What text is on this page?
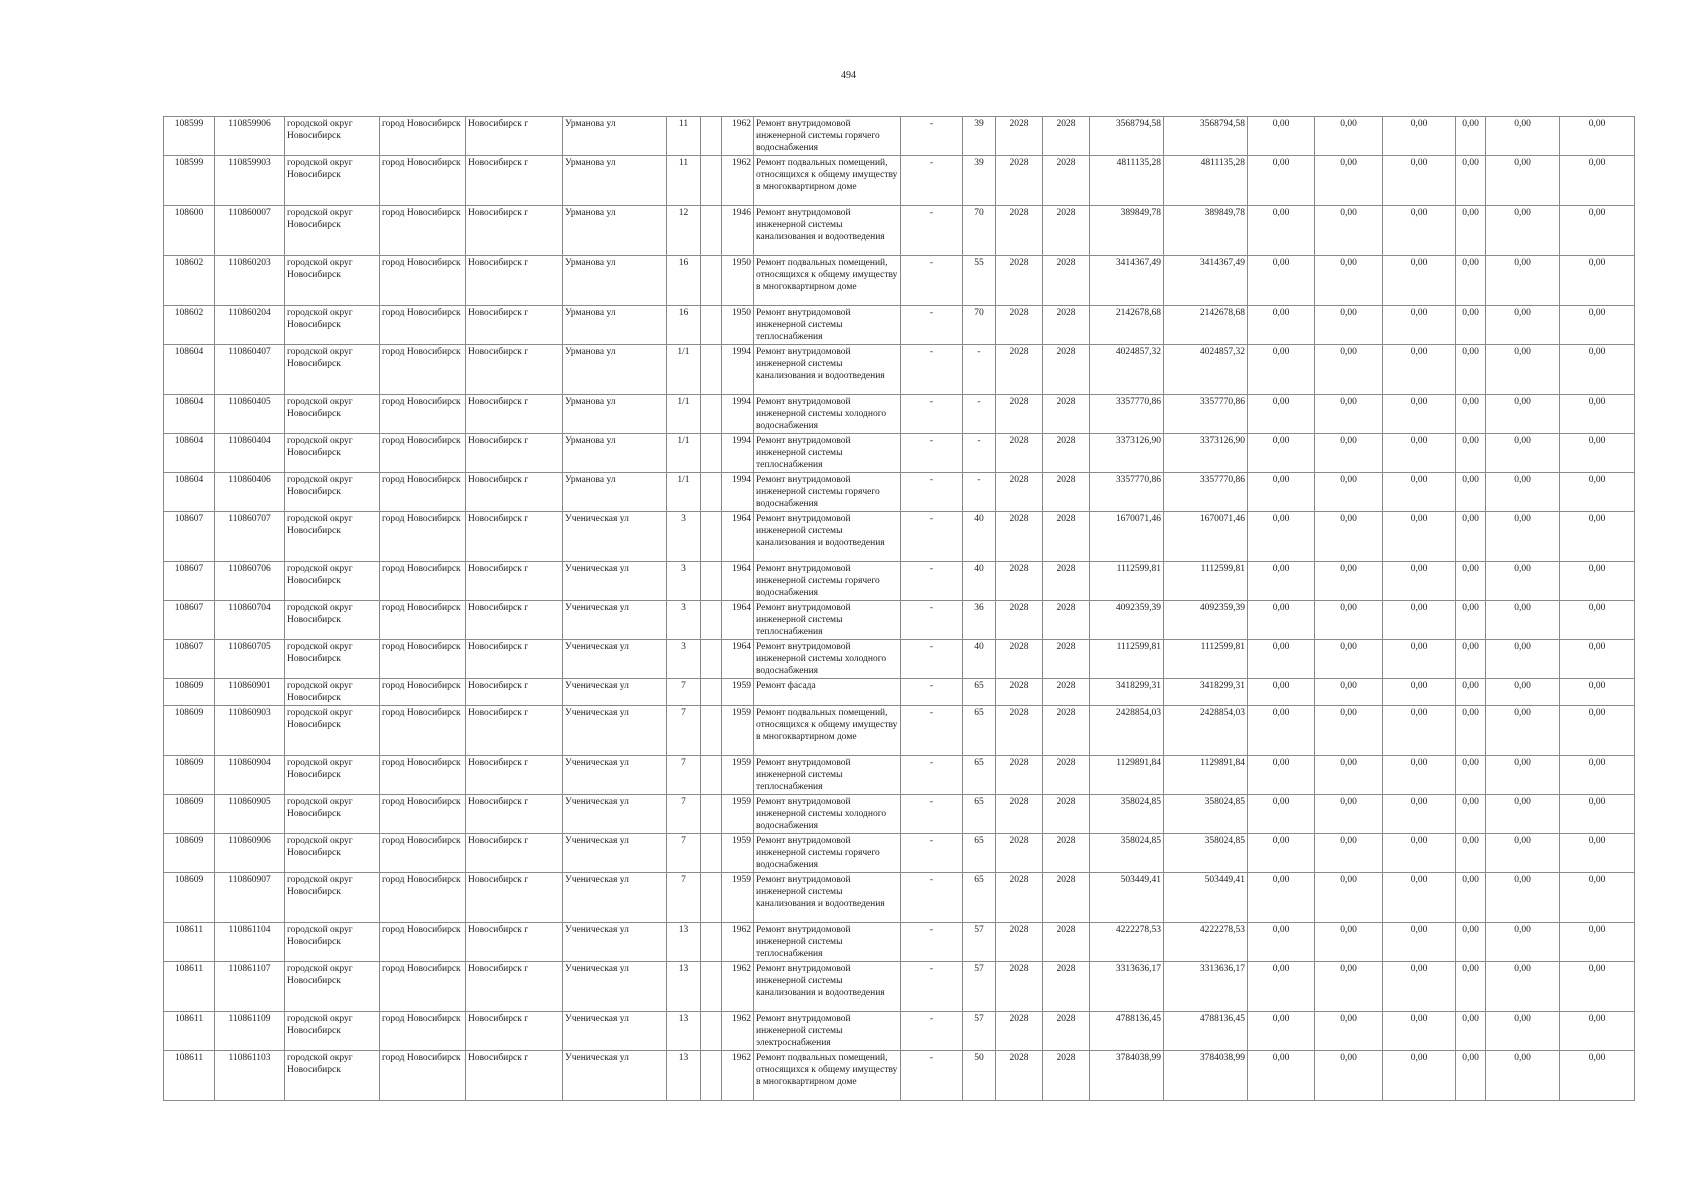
494
108599	110859906	городской округ Новосибирск	город Новосибирск	Новосибирск г	Урманова ул	11		1962	Ремонт внутридомовой инженерной системы горячего водоснабжения	-	39	2028	2028	3568794,58	3568794,58	0,00	0,00	0,00	0,00	0,00	0,00
108599	110859903	городской округ Новосибирск	город Новосибирск	Новосибирск г	Урманова ул	11		1962	Ремонт подвальных помещений, относящихся к общему имуществу в многоквартирном доме	-	39	2028	2028	4811135,28	4811135,28	0,00	0,00	0,00	0,00	0,00	0,00
108600	110860007	городской округ Новосибирск	город Новосибирск	Новосибирск г	Урманова ул	12		1946	Ремонт внутридомовой инженерной системы канализования и водоотведения	-	70	2028	2028	389849,78	389849,78	0,00	0,00	0,00	0,00	0,00	0,00
108602	110860203	городской округ Новосибирск	город Новосибирск	Новосибирск г	Урманова ул	16		1950	Ремонт подвальных помещений, относящихся к общему имуществу в многоквартирном доме	-	55	2028	2028	3414367,49	3414367,49	0,00	0,00	0,00	0,00	0,00	0,00
108602	110860204	городской округ Новосибирск	город Новосибирск	Новосибирск г	Урманова ул	16		1950	Ремонт внутридомовой инженерной системы теплоснабжения	-	70	2028	2028	2142678,68	2142678,68	0,00	0,00	0,00	0,00	0,00	0,00
108604	110860407	городской округ Новосибирск	город Новосибирск	Новосибирск г	Урманова ул	1/1		1994	Ремонт внутридомовой инженерной системы канализования и водоотведения	-	-	2028	2028	4024857,32	4024857,32	0,00	0,00	0,00	0,00	0,00	0,00
108604	110860405	городской округ Новосибирск	город Новосибирск	Новосибирск г	Урманова ул	1/1		1994	Ремонт внутридомовой инженерной системы холодного водоснабжения	-	-	2028	2028	3357770,86	3357770,86	0,00	0,00	0,00	0,00	0,00	0,00
108604	110860404	городской округ Новосибирск	город Новосибирск	Новосибирск г	Урманова ул	1/1		1994	Ремонт внутридомовой инженерной системы теплоснабжения	-	-	2028	2028	3373126,90	3373126,90	0,00	0,00	0,00	0,00	0,00	0,00
108604	110860406	городской округ Новосибирск	город Новосибирск	Новосибирск г	Урманова ул	1/1		1994	Ремонт внутридомовой инженерной системы горячего водоснабжения	-	-	2028	2028	3357770,86	3357770,86	0,00	0,00	0,00	0,00	0,00	0,00
108607	110860707	городской округ Новосибирск	город Новосибирск	Новосибирск г	Ученическая ул	3		1964	Ремонт внутридомовой инженерной системы канализования и водоотведения	-	40	2028	2028	1670071,46	1670071,46	0,00	0,00	0,00	0,00	0,00	0,00
108607	110860706	городской округ Новосибирск	город Новосибирск	Новосибирск г	Ученическая ул	3		1964	Ремонт внутридомовой инженерной системы горячего водоснабжения	-	40	2028	2028	1112599,81	1112599,81	0,00	0,00	0,00	0,00	0,00	0,00
108607	110860704	городской округ Новосибирск	город Новосибирск	Новосибирск г	Ученическая ул	3		1964	Ремонт внутридомовой инженерной системы теплоснабжения	-	36	2028	2028	4092359,39	4092359,39	0,00	0,00	0,00	0,00	0,00	0,00
108607	110860705	городской округ Новосибирск	город Новосибирск	Новосибирск г	Ученическая ул	3		1964	Ремонт внутридомовой инженерной системы холодного водоснабжения	-	40	2028	2028	1112599,81	1112599,81	0,00	0,00	0,00	0,00	0,00	0,00
108609	110860901	городской округ Новосибирск	город Новосибирск	Новосибирск г	Ученическая ул	7		1959	Ремонт фасада	-	65	2028	2028	3418299,31	3418299,31	0,00	0,00	0,00	0,00	0,00	0,00
108609	110860903	городской округ Новосибирск	город Новосибирск	Новосибирск г	Ученическая ул	7		1959	Ремонт подвальных помещений, относящихся к общему имуществу в многоквартирном доме	-	65	2028	2028	2428854,03	2428854,03	0,00	0,00	0,00	0,00	0,00	0,00
108609	110860904	городской округ Новосибирск	город Новосибирск	Новосибирск г	Ученическая ул	7		1959	Ремонт внутридомовой инженерной системы теплоснабжения	-	65	2028	2028	1129891,84	1129891,84	0,00	0,00	0,00	0,00	0,00	0,00
108609	110860905	городской округ Новосибирск	город Новосибирск	Новосибирск г	Ученическая ул	7		1959	Ремонт внутридомовой инженерной системы холодного водоснабжения	-	65	2028	2028	358024,85	358024,85	0,00	0,00	0,00	0,00	0,00	0,00
108609	110860906	городской округ Новосибирск	город Новосибирск	Новосибирск г	Ученическая ул	7		1959	Ремонт внутридомовой инженерной системы горячего водоснабжения	-	65	2028	2028	358024,85	358024,85	0,00	0,00	0,00	0,00	0,00	0,00
108609	110860907	городской округ Новосибирск	город Новосибирск	Новосибирск г	Ученическая ул	7		1959	Ремонт внутридомовой инженерной системы канализования и водоотведения	-	65	2028	2028	503449,41	503449,41	0,00	0,00	0,00	0,00	0,00	0,00
108611	110861104	городской округ Новосибирск	город Новосибирск	Новосибирск г	Ученическая ул	13		1962	Ремонт внутридомовой инженерной системы теплоснабжения	-	57	2028	2028	4222278,53	4222278,53	0,00	0,00	0,00	0,00	0,00	0,00
108611	110861107	городской округ Новосибирск	город Новосибирск	Новосибирск г	Ученическая ул	13		1962	Ремонт внутридомовой инженерной системы канализования и водоотведения	-	57	2028	2028	3313636,17	3313636,17	0,00	0,00	0,00	0,00	0,00	0,00
108611	110861109	городской округ Новосибирск	город Новосибирск	Новосибирск г	Ученическая ул	13		1962	Ремонт внутридомовой инженерной системы электроснабжения	-	57	2028	2028	4788136,45	4788136,45	0,00	0,00	0,00	0,00	0,00	0,00
108611	110861103	городской округ Новосибирск	город Новосибирск	Новосибирск г	Ученическая ул	13		1962	Ремонт подвальных помещений, относящихся к общему имуществу в многоквартирном доме	-	50	2028	2028	3784038,99	3784038,99	0,00	0,00	0,00	0,00	0,00	0,00
